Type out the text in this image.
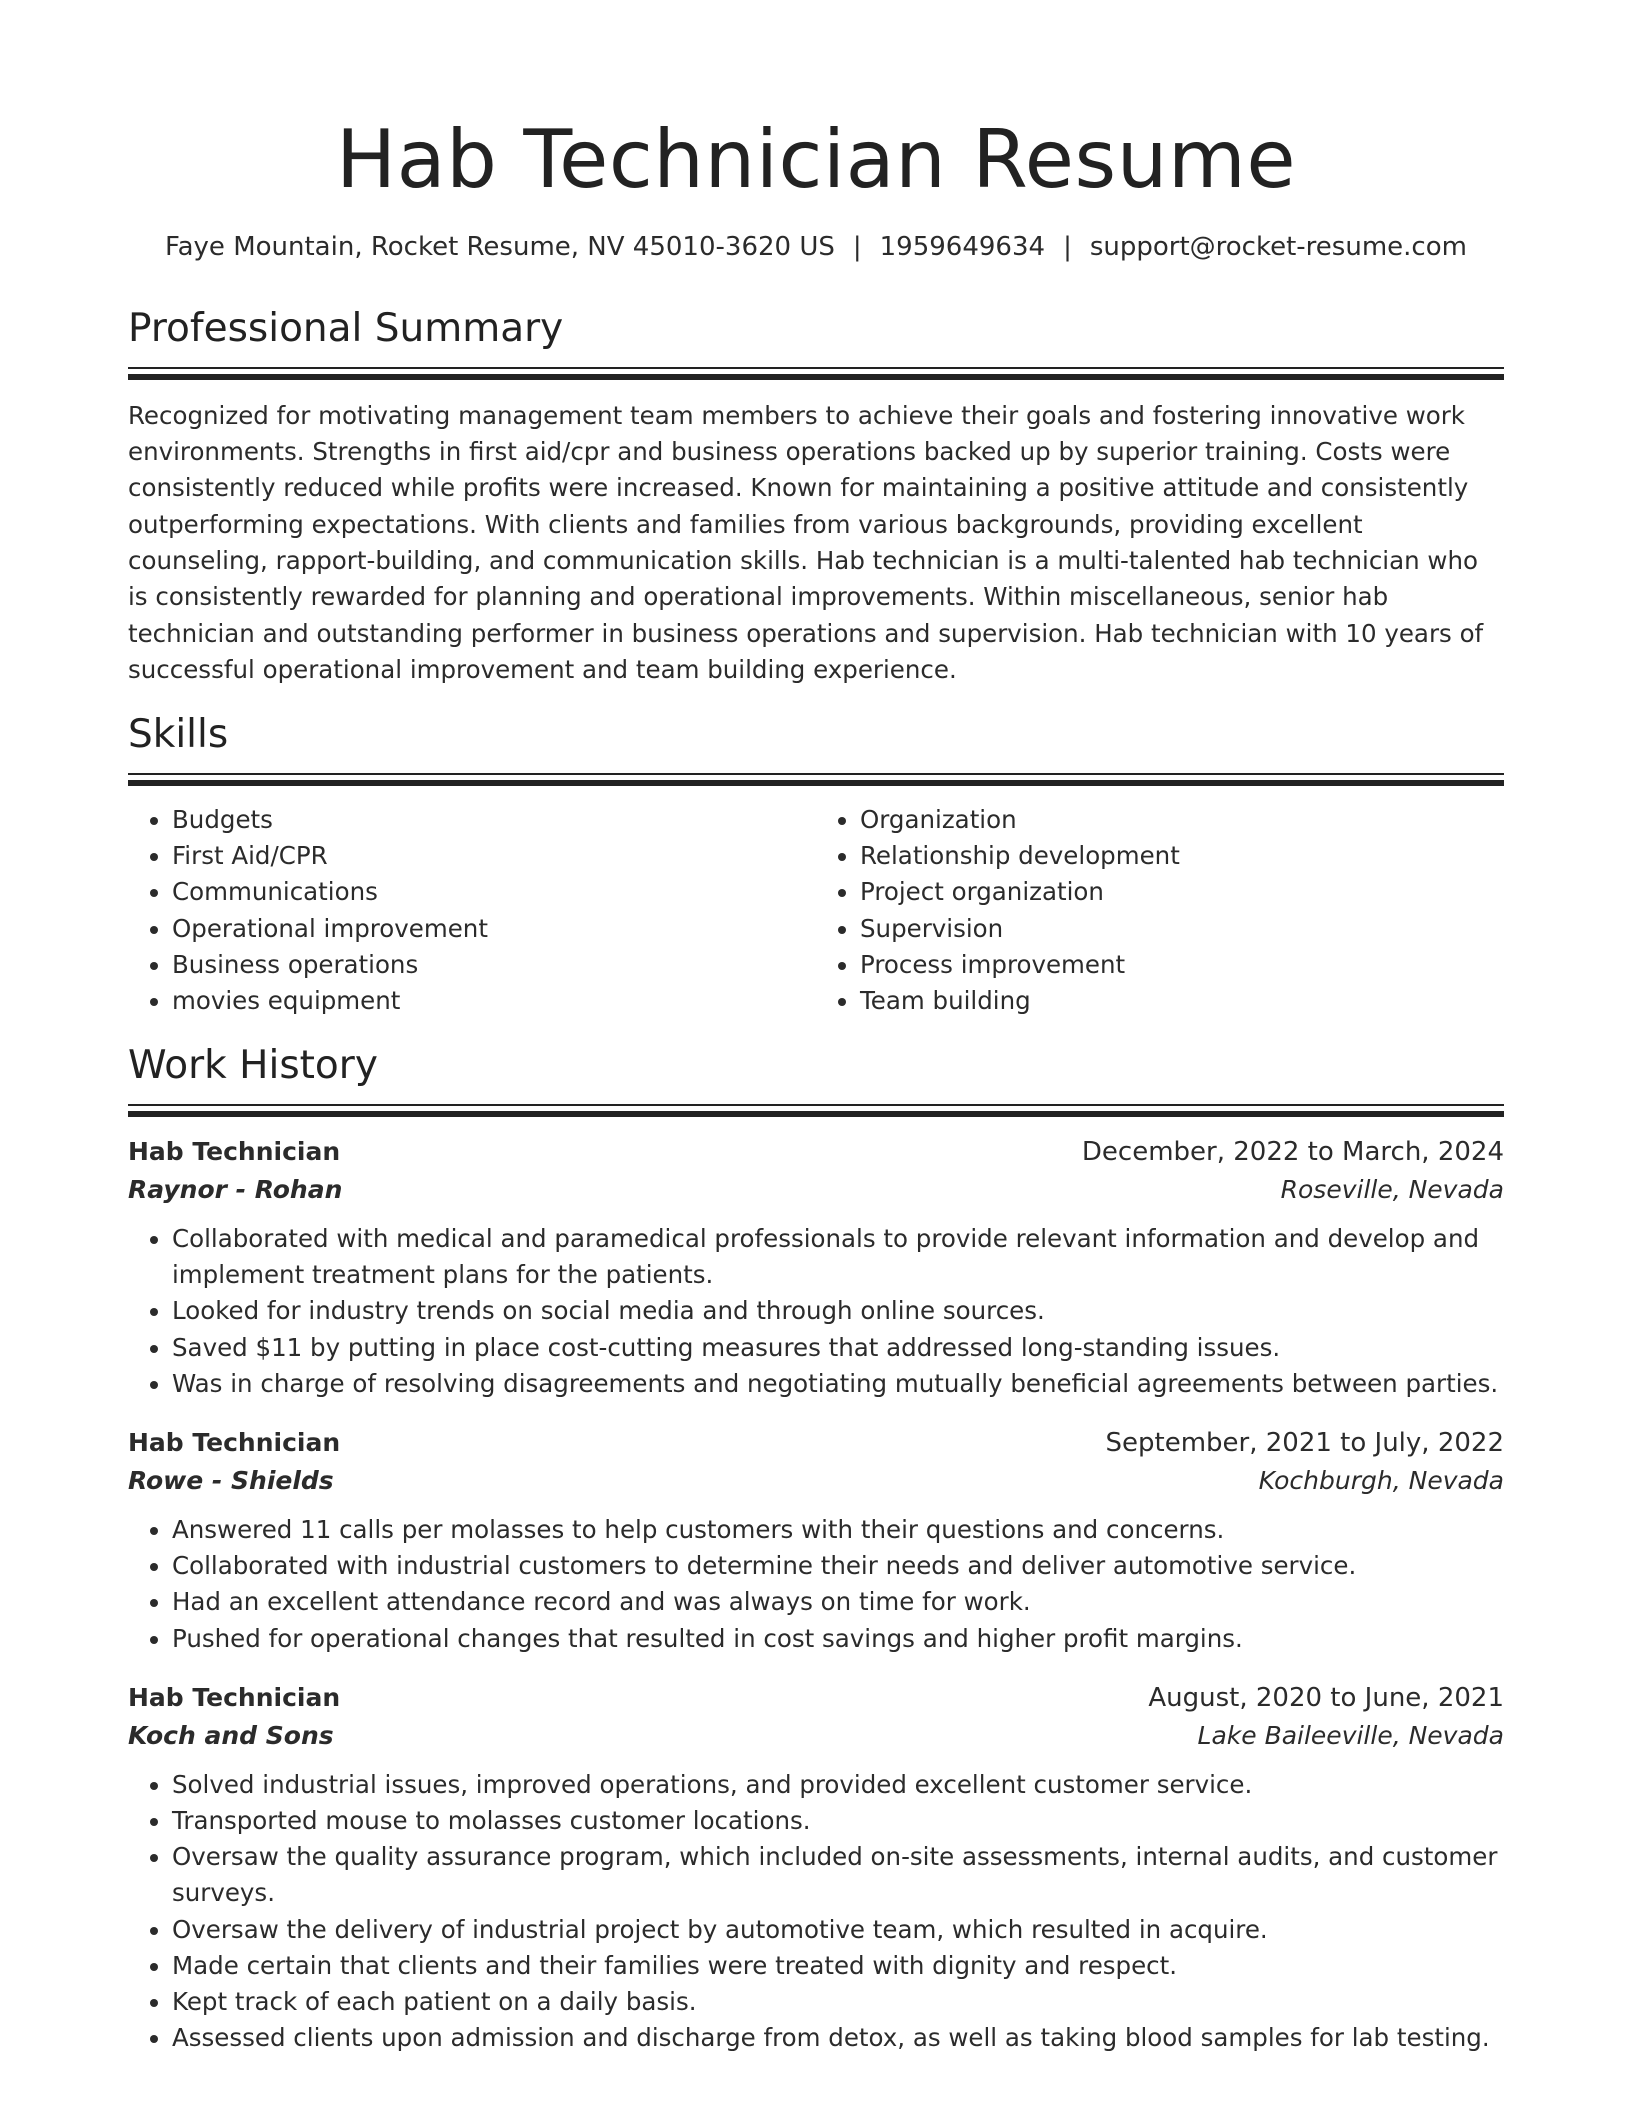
Hab Technician Resume
Faye Mountain, Rocket Resume, NV 45010-3620 US | 1959649634 | support@rocket-resume.com
Professional Summary

Recognized for motivating management team members to achieve their goals and fostering innovative work environments. Strengths in first aid/cpr and business operations backed up by superior training. Costs were consistently reduced while profits were increased. Known for maintaining a positive attitude and consistently outperforming expectations. With clients and families from various backgrounds, providing excellent counseling, rapport-building, and communication skills. Hab technician is a multi-talented hab technician who is consistently rewarded for planning and operational improvements. Within miscellaneous, senior hab technician and outstanding performer in business operations and supervision. Hab technician with 10 years of successful operational improvement and team building experience.

Skills
• Budgets
• First Aid/CPR
• Communications
• Operational improvement
• Business operations
• movies equipment
• Organization
• Relationship development
• Project organization
• Supervision
• Process improvement
• Team building
Work History
Hab Technician	December, 2022 to March, 2024
Raynor - Rohan	Roseville, Nevada
• Collaborated with medical and paramedical professionals to provide relevant information and develop and implement treatment plans for the patients.
• Looked for industry trends on social media and through online sources.
• Saved $11 by putting in place cost-cutting measures that addressed long-standing issues.
• Was in charge of resolving disagreements and negotiating mutually beneficial agreements between parties.
Hab Technician	September, 2021 to July, 2022
Rowe - Shields	Kochburgh, Nevada
• Answered 11 calls per molasses to help customers with their questions and concerns.
• Collaborated with industrial customers to determine their needs and deliver automotive service.
• Had an excellent attendance record and was always on time for work.
• Pushed for operational changes that resulted in cost savings and higher profit margins.
Hab Technician	August, 2020 to June, 2021
Koch and Sons	Lake Baileeville, Nevada
• Solved industrial issues, improved operations, and provided excellent customer service.
• Transported mouse to molasses customer locations.
• Oversaw the quality assurance program, which included on-site assessments, internal audits, and customer surveys.
• Oversaw the delivery of industrial project by automotive team, which resulted in acquire.
• Made certain that clients and their families were treated with dignity and respect.
• Kept track of each patient on a daily basis.
• Assessed clients upon admission and discharge from detox, as well as taking blood samples for lab testing.
